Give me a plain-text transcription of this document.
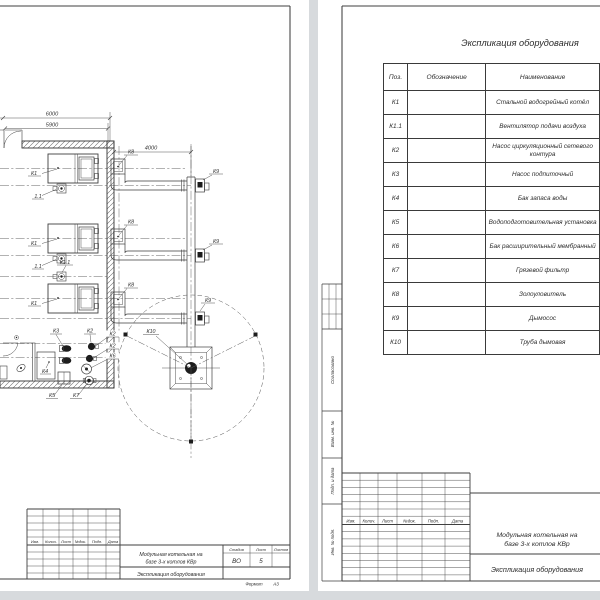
К1
1.1
К1
1.1
К1.1
К1
К8
К9
К8
К9
К8
К9
К10
К4
К3	К2
К5	К7
К2
К2
К6
6000
5900
4000
Изм. Колич. Лист №док. Подп. Дата
Модульная котельная на
базе 3-х котлов КВр
Экспликация оборудования
Стадия	Лист Листов
ВО	5
Формат А3
Согласовано
Взам. инв. №
Подп. и дата
Инв. № подл.
Экспликация оборудования
Изм. Колич. Лист №док.	Подп.	Дата
Модульная котельная на
базе 3-х котлов КВр
Экспликация оборудования
Поз.	Обозначение	Наименование
К1		Стальной водогрейный котёл
К1.1		Вентилятор подачи воздуха
К2		Насос циркуляционный сетевого контура
К3		Насос подпиточный
К4		Бак запаса воды
К5		Водоподготовительная установка
К6		Бак расширительный мембранный
К7		Грязевой фильтр
К8		Золоуловитель
К9		Дымосос
К10		Труба дымовая
